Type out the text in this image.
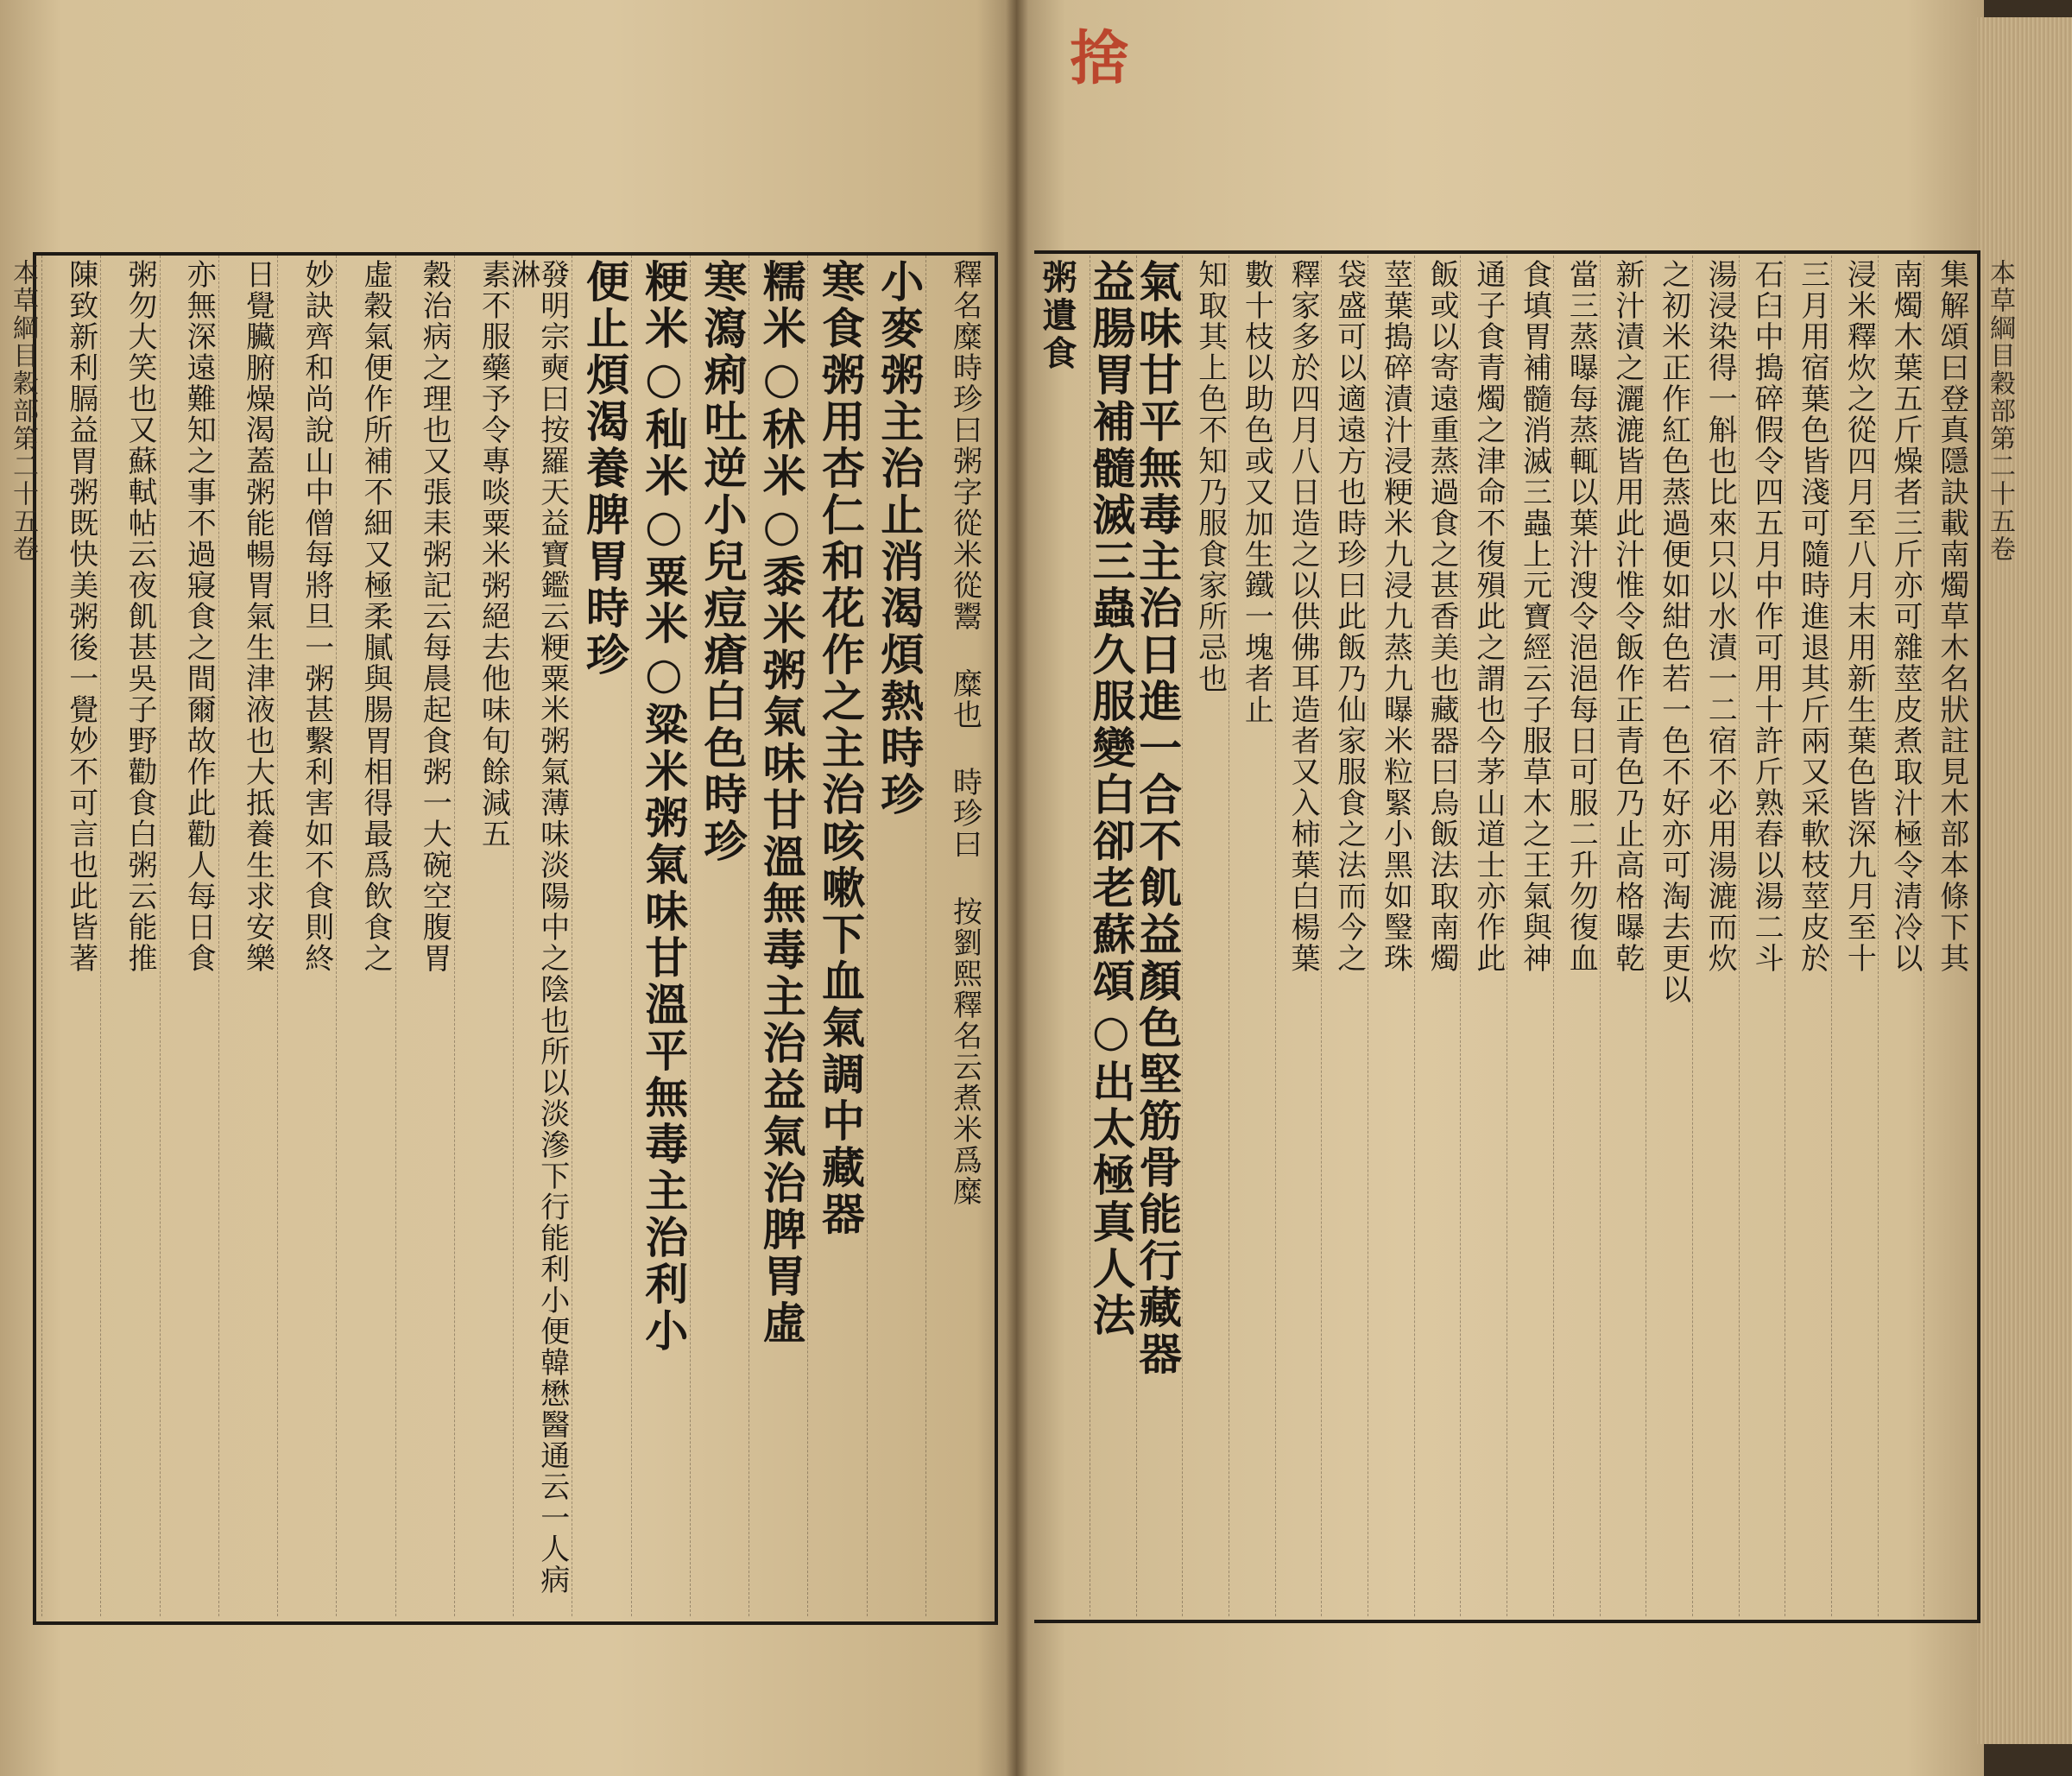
捨
本草綱目穀部第二十五卷	本草綱目穀部第二十五卷
粥遺食
釋名糜時珍曰粥字從米從鬻 糜也 時珍曰 按劉熙釋名云煮米爲糜
小麥粥主治止消渴煩熱時珍
寒食粥用杏仁和花作之主治咳嗽下血氣調中藏器
糯米○秫米○黍米粥氣味甘溫無毒主治益氣治脾胃虛
寒瀉痢吐逆小兒痘瘡白色時珍
粳米○秈米○粟米○粱米粥氣味甘溫平無毒主治利小
便止煩渴養脾胃時珍
發明宗奭曰按羅天益寶鑑云粳粟米粥氣薄味淡陽中之陰也所以淡滲下行能利小便韓懋醫通云一人病淋
素不服藥予令專啖粟米粥絕去他味旬餘減五
穀治病之理也又張耒粥記云每晨起食粥一大碗空腹胃
虛穀氣便作所補不細又極柔膩與腸胃相得最爲飲食之
妙訣齊和尚說山中僧每將旦一粥甚繫利害如不食則終
日覺臟腑燥渴蓋粥能暢胃氣生津液也大抵養生求安樂
亦無深遠難知之事不過寢食之間爾故作此勸人每日食
粥勿大笑也又蘇軾帖云夜飢甚吳子野勸食白粥云能推
陳致新利膈益胃粥既快美粥後一覺妙不可言也此皆著	集解頌曰登真隱訣載南燭草木名狀註見木部本條下其
南燭木葉五斤燥者三斤亦可雜莖皮煮取汁極令清冷以
浸米釋炊之從四月至八月末用新生葉色皆深九月至十
三月用宿葉色皆淺可隨時進退其斤兩又采軟枝莖皮於
石臼中搗碎假令四五月中作可用十許斤熟舂以湯二斗
湯浸染得一斛也比來只以水漬一二宿不必用湯漉而炊
之初米正作紅色蒸過便如紺色若一色不好亦可淘去更以
新汁漬之灑漉皆用此汁惟令飯作正青色乃止高格曝乾
當三蒸曝每蒸輒以葉汁溲令浥浥每日可服二升勿復血
食填胃補髓消滅三蟲上元寶經云子服草木之王氣與神
通子食青燭之津命不復殞此之謂也今茅山道士亦作此
飯或以寄遠重蒸過食之甚香美也藏器曰烏飯法取南燭
莖葉搗碎漬汁浸粳米九浸九蒸九曝米粒緊小黑如瑿珠
袋盛可以適遠方也時珍曰此飯乃仙家服食之法而今之
釋家多於四月八日造之以供佛耳造者又入柿葉白楊葉
數十枝以助色或又加生鐵一塊者止
知取其上色不知乃服食家所忌也
氣味甘平無毒主治日進一合不飢益顏色堅筋骨能行藏器
益腸胃補髓滅三蟲久服變白卻老蘇頌○出太極真人法
